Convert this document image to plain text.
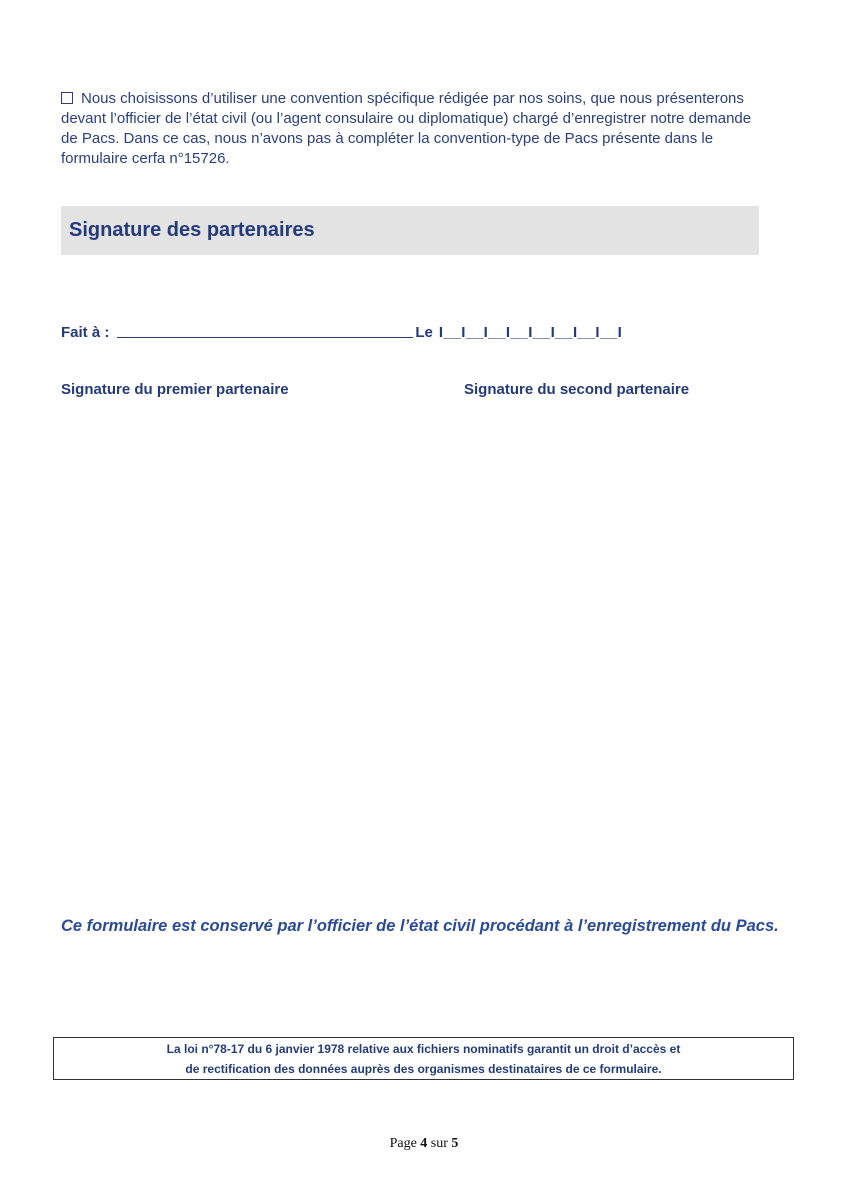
Nous choisissons d’utiliser une convention spécifique rédigée par nos soins, que nous présenterons devant l’officier de l’état civil (ou l’agent consulaire ou diplomatique) chargé d’enregistrer notre demande de Pacs. Dans ce cas, nous n’avons pas à compléter la convention-type de Pacs présente dans le formulaire cerfa n°15726.
Signature des partenaires
Fait à :	Le I__I__I__I__I__I__I__I__I
Signature du premier partenaire	Signature du second partenaire
Ce formulaire est conservé par l’officier de l’état civil procédant à l’enregistrement du Pacs.
La loi n°78-17 du 6 janvier 1978 relative aux fichiers nominatifs garantit un droit d’accès et
de rectification des données auprès des organismes destinataires de ce formulaire.
Page 4 sur 5
